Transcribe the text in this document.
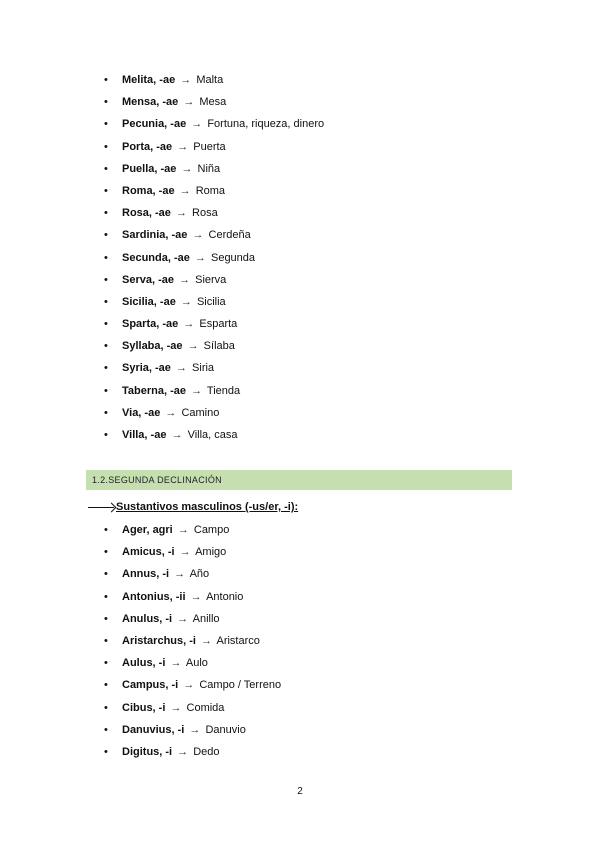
• Melita, -ae → Malta
• Mensa, -ae → Mesa
• Pecunia, -ae → Fortuna, riqueza, dinero
• Porta, -ae → Puerta
• Puella, -ae → Niña
• Roma, -ae → Roma
• Rosa, -ae → Rosa
• Sardinia, -ae → Cerdeña
• Secunda, -ae → Segunda
• Serva, -ae → Sierva
• Sicilia, -ae → Sicilia
• Sparta, -ae → Esparta
• Syllaba, -ae → Sílaba
• Syria, -ae → Siria
• Taberna, -ae → Tienda
• Via, -ae → Camino
• Villa, -ae → Villa, casa
1.2.SEGUNDA DECLINACIÓN
Sustantivos masculinos (-us/er, -i):
• Ager, agri → Campo
• Amicus, -i → Amigo
• Annus, -i → Año
• Antonius, -ii → Antonio
• Anulus, -i → Anillo
• Aristarchus, -i → Aristarco
• Aulus, -i → Aulo
• Campus, -i → Campo / Terreno
• Cibus, -i → Comida
• Danuvius, -i → Danuvio
• Digitus, -i → Dedo
2
